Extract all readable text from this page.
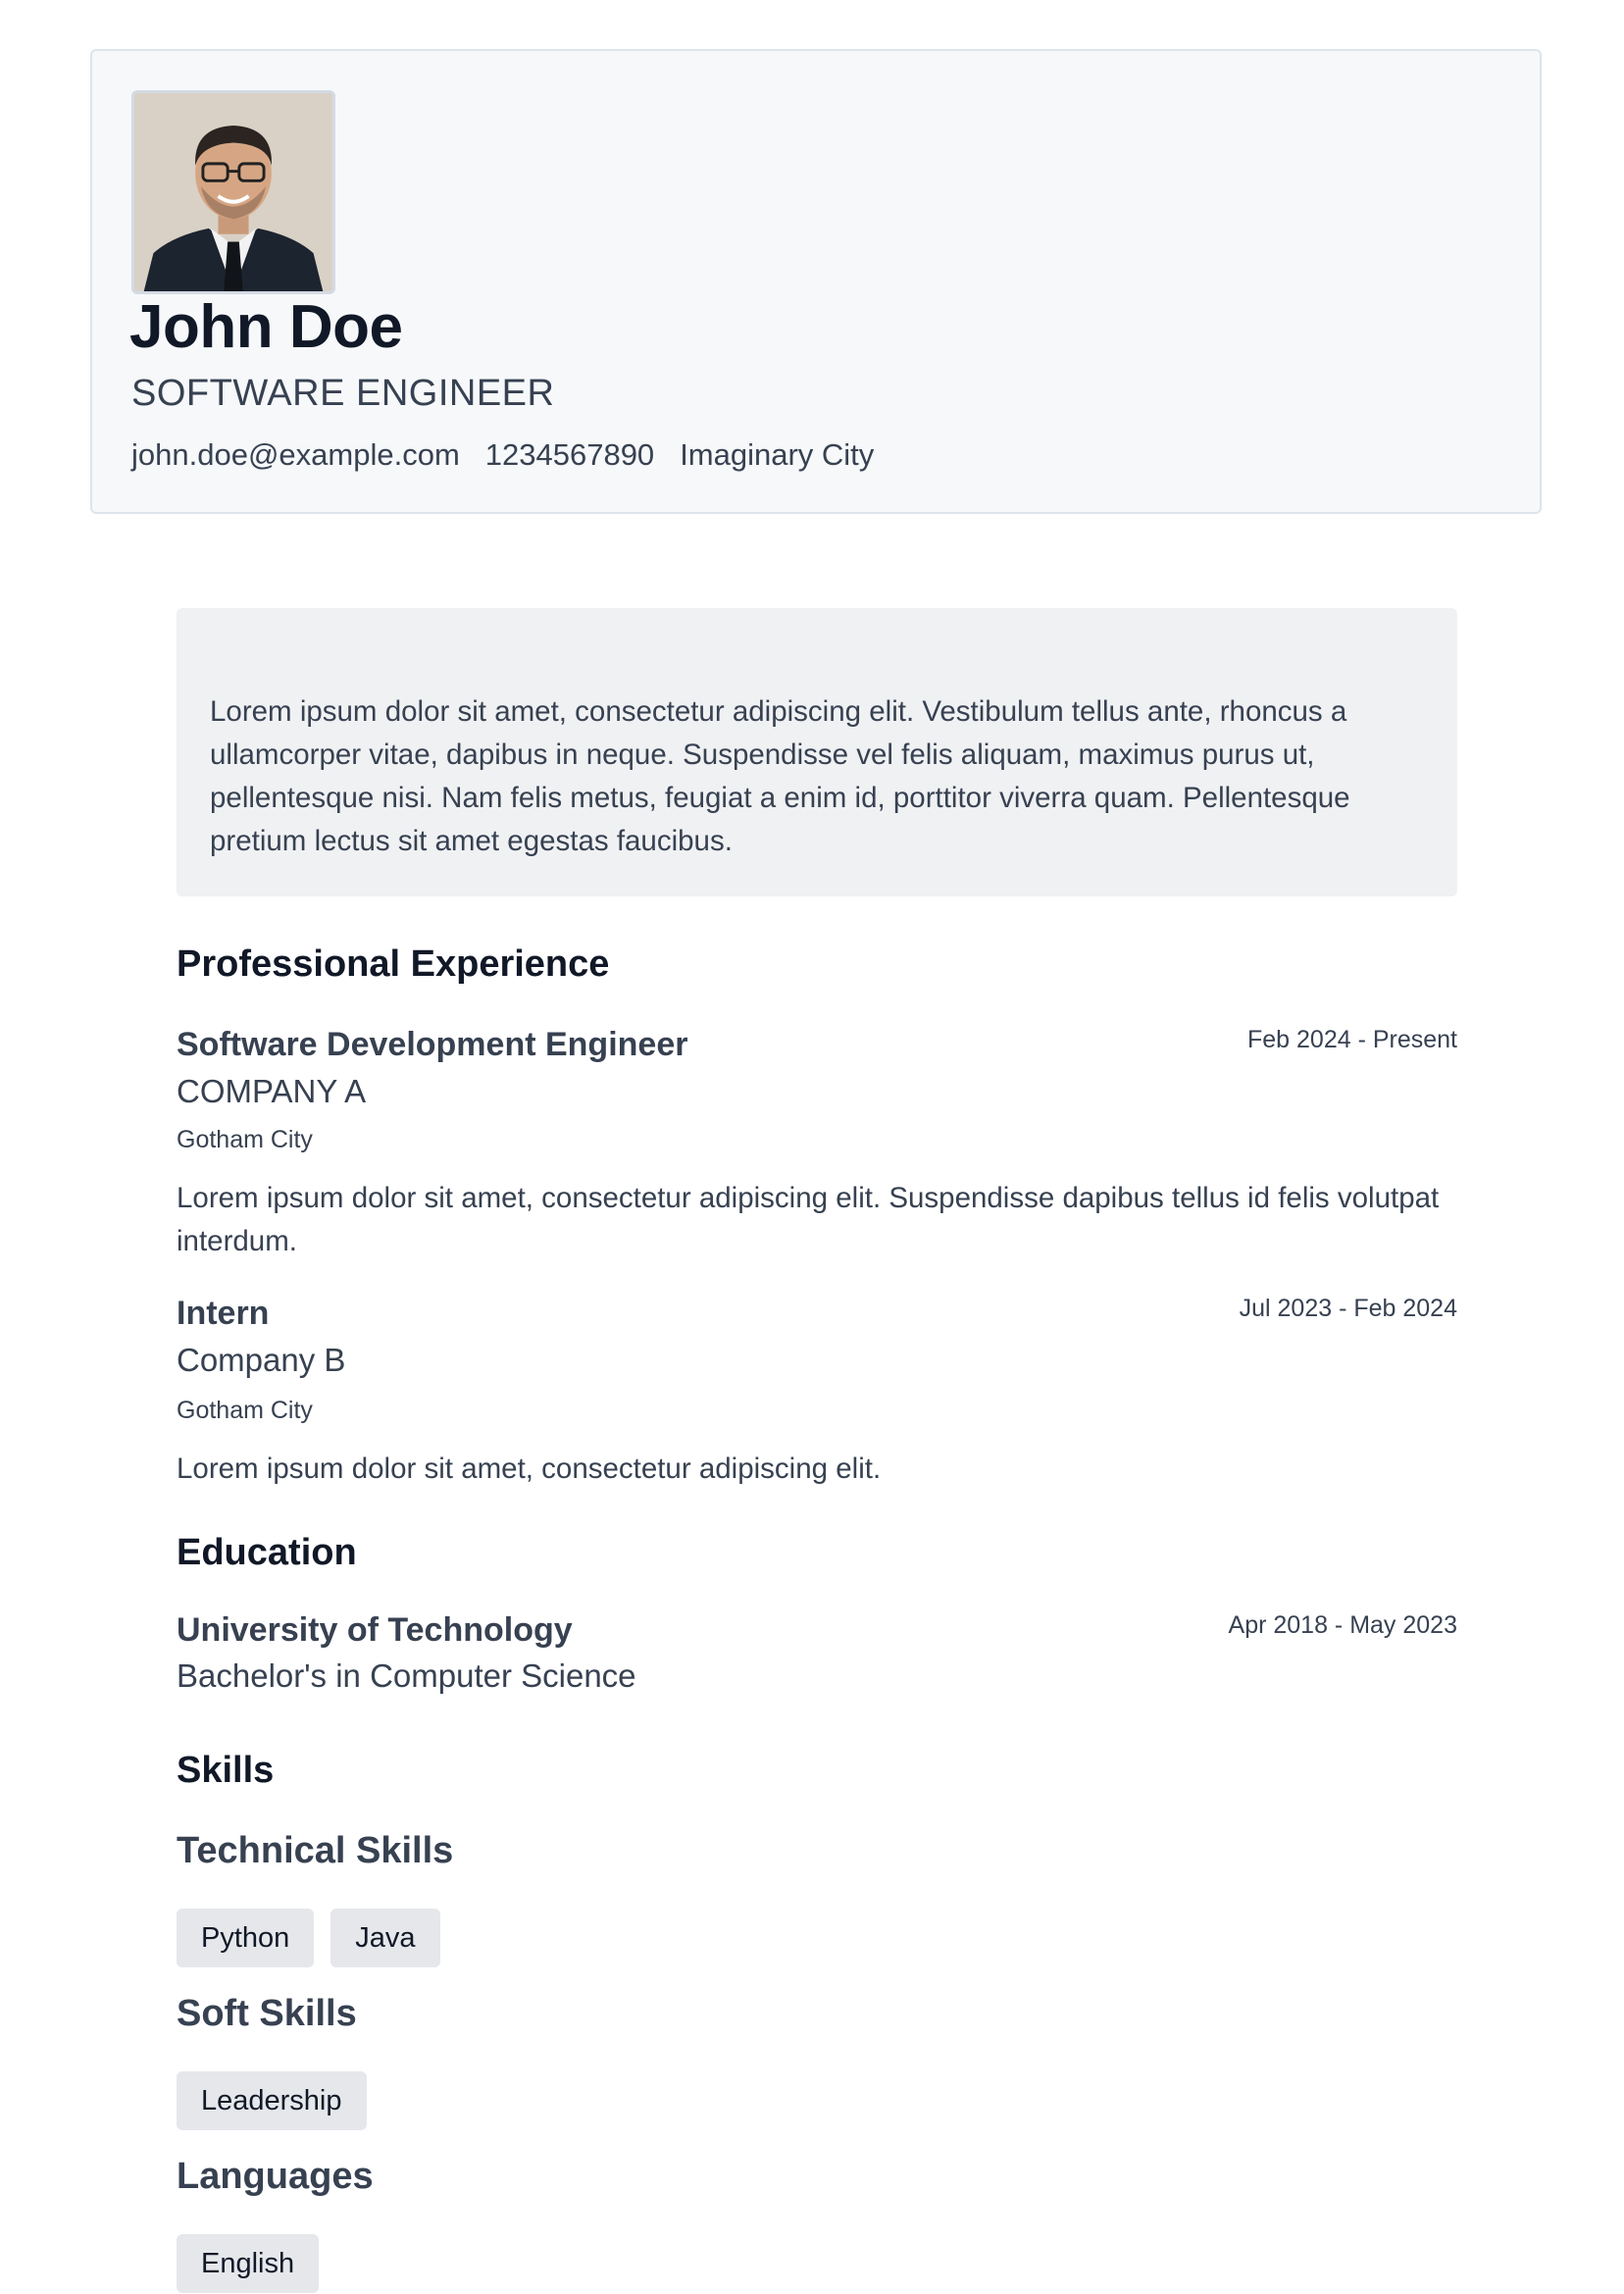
John Doe
SOFTWARE ENGINEER
john.doe@example.com 1234567890 Imaginary City

Lorem ipsum dolor sit amet, consectetur adipiscing elit. Vestibulum tellus ante, rhoncus a ullamcorper vitae, dapibus in neque. Suspendisse vel felis aliquam, maximus purus ut, pellentesque nisi. Nam felis metus, feugiat a enim id, porttitor viverra quam. Pellentesque pretium lectus sit amet egestas faucibus.

Professional Experience
Software Development Engineer	Feb 2024 - Present
COMPANY A
Gotham City
Lorem ipsum dolor sit amet, consectetur adipiscing elit. Suspendisse dapibus tellus id felis volutpat interdum.
Intern	Jul 2023 - Feb 2024
Company B
Gotham City
Lorem ipsum dolor sit amet, consectetur adipiscing elit.
Education
University of Technology	Apr 2018 - May 2023
Bachelor's in Computer Science
Skills
Technical Skills
Python	Java
Soft Skills
Leadership
Languages
English
